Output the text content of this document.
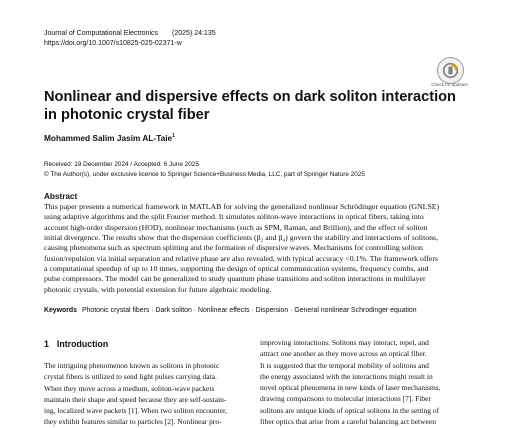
Journal of Computational Electronics (2025) 24:135
https://doi.org/10.1007/s10825-025-02371-w
Check for updates
Nonlinear and dispersive effects on dark soliton interaction
in photonic crystal fiber
Mohammed Salim Jasim AL-Taie$^1$
Received: 19 December 2024 / Accepted: 6 June 2025
© The Author(s), under exclusive licence to Springer Science+Business Media, LLC, part of Springer Nature 2025
Abstract
This paper presents a numerical framework in MATLAB for solving the generalized nonlinear Schrödinger equation (GNLSE)
using adaptive algorithms and the split Fourier method. It simulates soliton-wave interactions in optical fibers, taking into
account high-order dispersion (HOD), nonlinear mechanisms (such as SPM, Raman, and Brillion), and the effect of soliton
initial divergence. The results show that the dispersion coefficients (β₂ and β₄) govern the stability and interactions of solitons,
causing phenomena such as spectrum splitting and the formation of dispersive waves. Mechanisms for controlling soliton
fusion/repulsion via initial separation and relative phase are also revealed, with typical accuracy <0.1%. The framework offers
a computational speedup of up to 10 times, supporting the design of optical communication systems, frequency combs, and
pulse compressors. The model can be generalized to study quantum phase transitions and soliton interactions in multilayer
photonic crystals, with potential extension for future algebraic modeling.
Keywords Photonic crystal fibers · Dark soliton · Nonlinear effects · Dispersion · General nonlinear Schrodinger equation
1 Introduction
The intriguing phenomenon known as solitons in photonic
crystal fibers is utilized to send light pulses carrying data.
When they move across a medium, soliton-wave packets
maintain their shape and speed because they are self-sustain-
ing, localized wave packets [1]. When two soliton encounter,
they exhibit features similar to particles [2]. Nonlinear pro-
improving interactions. Solitons may interact, repel, and
attract one another as they move across an optical fiber.
It is suggested that the temporal mobility of solitons and
the energy associated with the interactions might result in
novel optical phenomena in new kinds of laser mechanisms,
drawing comparisons to molecular interactions [7]. Fiber
solitons are unique kinds of optical solitons in the setting of
fiber optics that arise from a careful balancing act between
